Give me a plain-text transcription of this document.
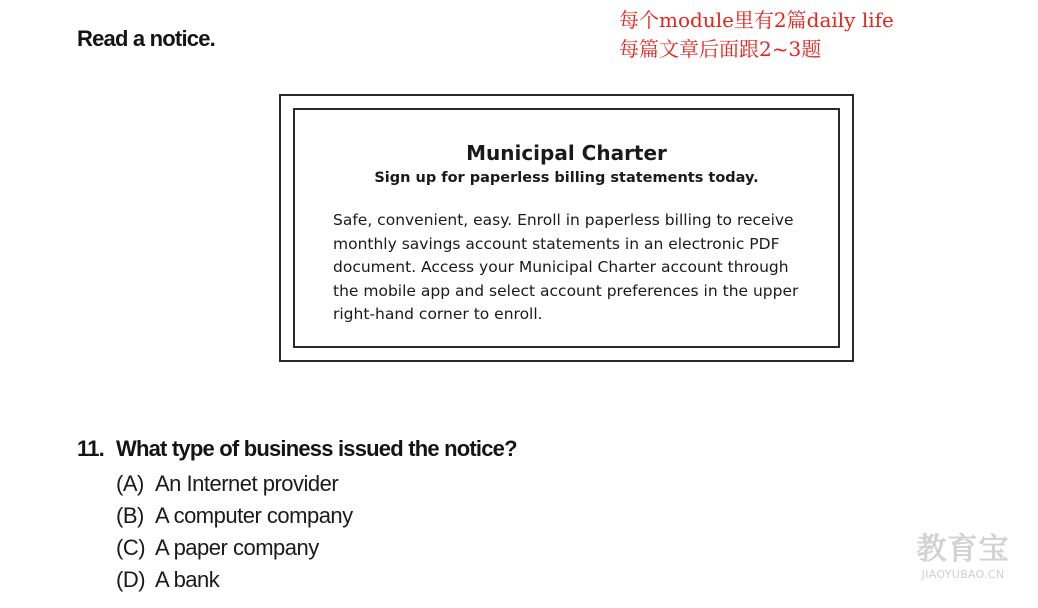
Read a notice.
每个module里有2篇daily life
每篇文章后面跟2~3题
Municipal Charter
Sign up for paperless billing statements today.
Safe, convenient, easy. Enroll in paperless billing to receive
monthly savings account statements in an electronic PDF
document. Access your Municipal Charter account through
the mobile app and select account preferences in the upper
right-hand corner to enroll.
11. What type of business issued the notice?
(A) An Internet provider
(B) A computer company
(C) A paper company
(D) A bank
教育宝
JIAOYUBAO.CN
